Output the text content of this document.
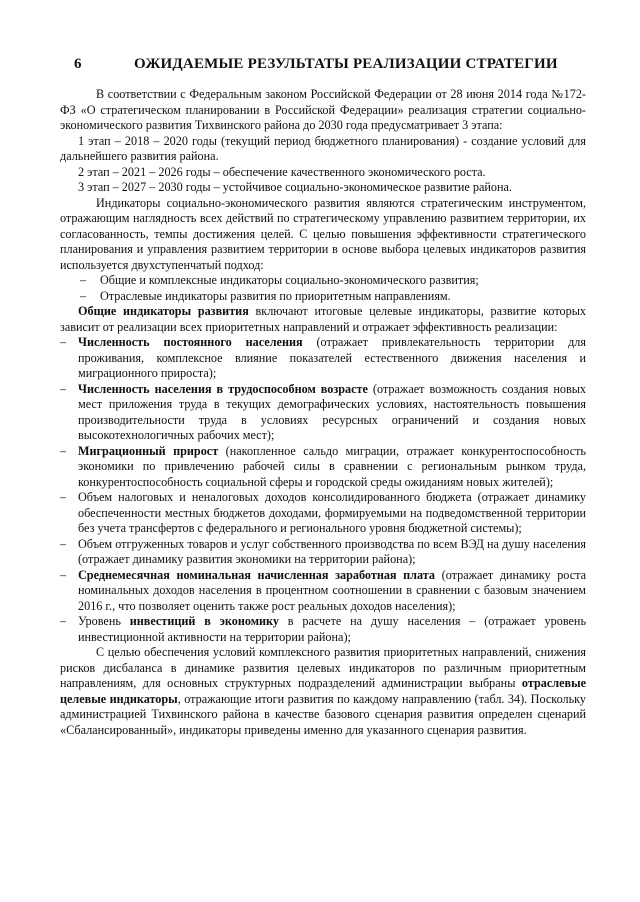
6	ОЖИДАЕМЫЕ РЕЗУЛЬТАТЫ РЕАЛИЗАЦИИ СТРАТЕГИИ

В соответствии с Федеральным законом Российской Федерации от 28 июня 2014 года №172-ФЗ «О стратегическом планировании в Российской Федерации» реализация стратегии социально-экономического развития Тихвинского района до 2030 года предусматривает 3 этапа:

1 этап – 2018 – 2020 годы (текущий период бюджетного планирования) - создание условий для дальнейшего развития района.

2 этап – 2021 – 2026 годы – обеспечение качественного экономического роста.

3 этап – 2027 – 2030 годы – устойчивое социально-экономическое развитие района.

Индикаторы социально-экономического развития являются стратегическим инструментом, отражающим наглядность всех действий по стратегическому управлению развитием территории, их согласованность, темпы достижения целей. С целью повышения эффективности стратегического планирования и управления развитием территории в основе выбора целевых индикаторов развития используется двухступенчатый подход:

– Общие и комплексные индикаторы социально-экономического развития;
– Отраслевые индикаторы развития по приоритетным направлениям.

Общие индикаторы развития включают итоговые целевые индикаторы, развитие которых зависит от реализации всех приоритетных направлений и отражает эффективность реализации:

– Численность постоянного населения (отражает привлекательность территории для проживания, комплексное влияние показателей естественного движения населения и миграционного прироста);
– Численность населения в трудоспособном возрасте (отражает возможность создания новых мест приложения труда в текущих демографических условиях, настоятельность повышения производительности труда в условиях ресурсных ограничений и создания новых высокотехнологичных рабочих мест);
– Миграционный прирост (накопленное сальдо миграции, отражает конкурентоспособность экономики по привлечению рабочей силы в сравнении с региональным рынком труда, конкурентоспособность социальной сферы и городской среды ожиданиям новых жителей);
– Объем налоговых и неналоговых доходов консолидированного бюджета (отражает динамику обеспеченности местных бюджетов доходами, формируемыми на подведомственной территории без учета трансфертов с федерального и регионального уровня бюджетной системы);
– Объем отгруженных товаров и услуг собственного производства по всем ВЭД на душу населения (отражает динамику развития экономики на территории района);
– Среднемесячная номинальная начисленная заработная плата (отражает динамику роста номинальных доходов населения в процентном соотношении в сравнении с базовым значением 2016 г., что позволяет оценить также рост реальных доходов населения);
– Уровень инвестиций в экономику в расчете на душу населения – (отражает уровень инвестиционной активности на территории района);

С целью обеспечения условий комплексного развития приоритетных направлений, снижения рисков дисбаланса в динамике развития целевых индикаторов по различным приоритетным направлениям, для основных структурных подразделений администрации выбраны отраслевые целевые индикаторы, отражающие итоги развития по каждому направлению (табл. 34). Поскольку администрацией Тихвинского района в качестве базового сценария развития определен сценарий «Сбалансированный», индикаторы приведены именно для указанного сценария развития.
